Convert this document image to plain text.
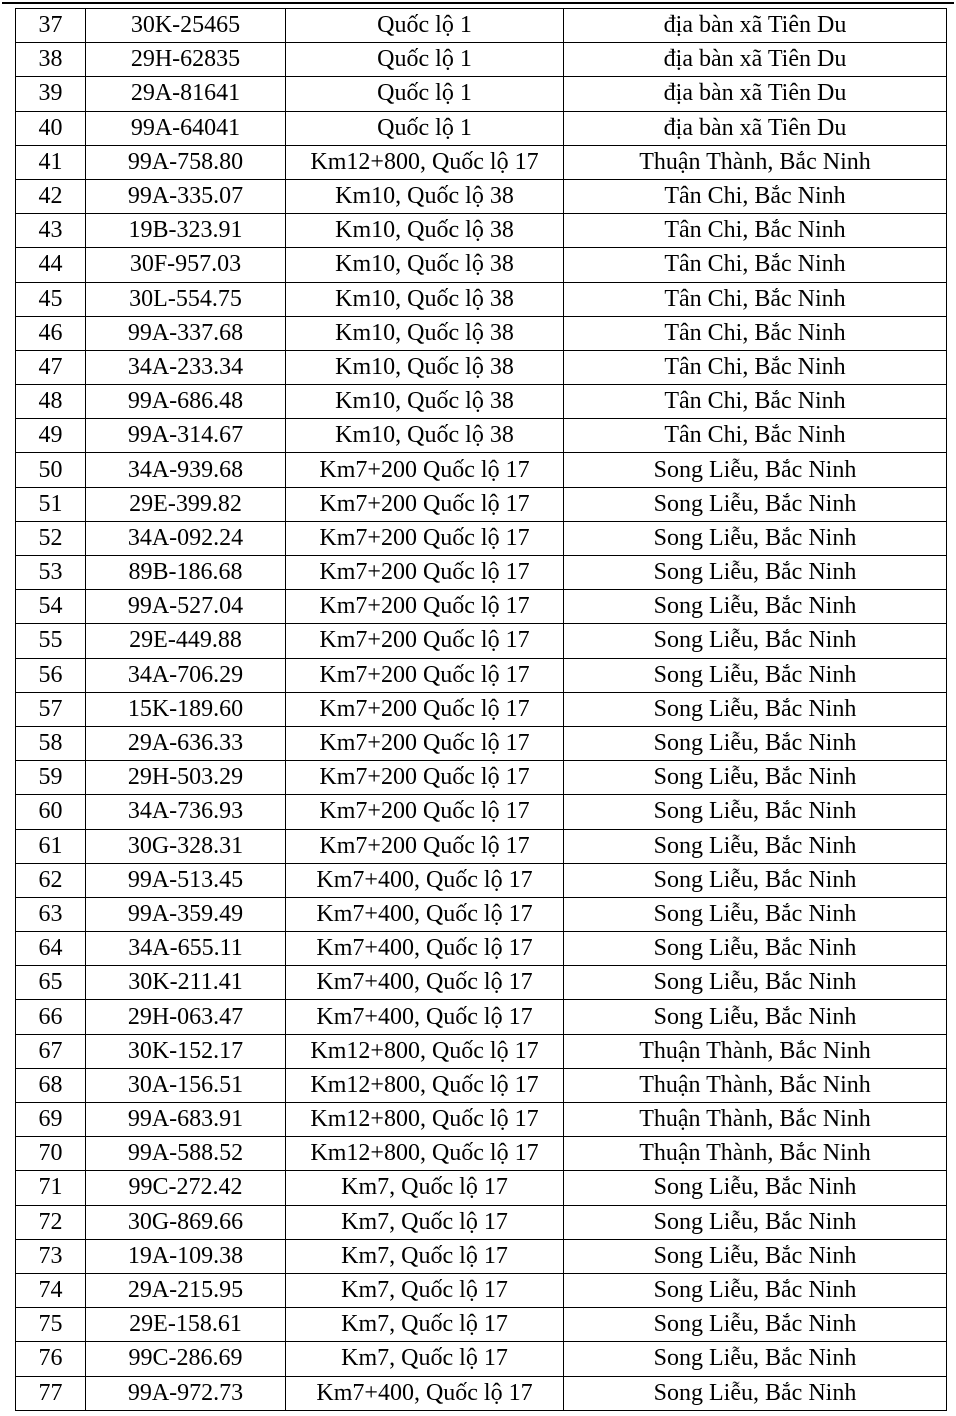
37	30K-25465	Quốc lộ 1	địa bàn xã Tiên Du
38	29H-62835	Quốc lộ 1	địa bàn xã Tiên Du
39	29A-81641	Quốc lộ 1	địa bàn xã Tiên Du
40	99A-64041	Quốc lộ 1	địa bàn xã Tiên Du
41	99A-758.80	Km12+800, Quốc lộ 17	Thuận Thành, Bắc Ninh
42	99A-335.07	Km10, Quốc lộ 38	Tân Chi, Bắc Ninh
43	19B-323.91	Km10, Quốc lộ 38	Tân Chi, Bắc Ninh
44	30F-957.03	Km10, Quốc lộ 38	Tân Chi, Bắc Ninh
45	30L-554.75	Km10, Quốc lộ 38	Tân Chi, Bắc Ninh
46	99A-337.68	Km10, Quốc lộ 38	Tân Chi, Bắc Ninh
47	34A-233.34	Km10, Quốc lộ 38	Tân Chi, Bắc Ninh
48	99A-686.48	Km10, Quốc lộ 38	Tân Chi, Bắc Ninh
49	99A-314.67	Km10, Quốc lộ 38	Tân Chi, Bắc Ninh
50	34A-939.68	Km7+200 Quốc lộ 17	Song Liễu, Bắc Ninh
51	29E-399.82	Km7+200 Quốc lộ 17	Song Liễu, Bắc Ninh
52	34A-092.24	Km7+200 Quốc lộ 17	Song Liễu, Bắc Ninh
53	89B-186.68	Km7+200 Quốc lộ 17	Song Liễu, Bắc Ninh
54	99A-527.04	Km7+200 Quốc lộ 17	Song Liễu, Bắc Ninh
55	29E-449.88	Km7+200 Quốc lộ 17	Song Liễu, Bắc Ninh
56	34A-706.29	Km7+200 Quốc lộ 17	Song Liễu, Bắc Ninh
57	15K-189.60	Km7+200 Quốc lộ 17	Song Liễu, Bắc Ninh
58	29A-636.33	Km7+200 Quốc lộ 17	Song Liễu, Bắc Ninh
59	29H-503.29	Km7+200 Quốc lộ 17	Song Liễu, Bắc Ninh
60	34A-736.93	Km7+200 Quốc lộ 17	Song Liễu, Bắc Ninh
61	30G-328.31	Km7+200 Quốc lộ 17	Song Liễu, Bắc Ninh
62	99A-513.45	Km7+400, Quốc lộ 17	Song Liễu, Bắc Ninh
63	99A-359.49	Km7+400, Quốc lộ 17	Song Liễu, Bắc Ninh
64	34A-655.11	Km7+400, Quốc lộ 17	Song Liễu, Bắc Ninh
65	30K-211.41	Km7+400, Quốc lộ 17	Song Liễu, Bắc Ninh
66	29H-063.47	Km7+400, Quốc lộ 17	Song Liễu, Bắc Ninh
67	30K-152.17	Km12+800, Quốc lộ 17	Thuận Thành, Bắc Ninh
68	30A-156.51	Km12+800, Quốc lộ 17	Thuận Thành, Bắc Ninh
69	99A-683.91	Km12+800, Quốc lộ 17	Thuận Thành, Bắc Ninh
70	99A-588.52	Km12+800, Quốc lộ 17	Thuận Thành, Bắc Ninh
71	99C-272.42	Km7, Quốc lộ 17	Song Liễu, Bắc Ninh
72	30G-869.66	Km7, Quốc lộ 17	Song Liễu, Bắc Ninh
73	19A-109.38	Km7, Quốc lộ 17	Song Liễu, Bắc Ninh
74	29A-215.95	Km7, Quốc lộ 17	Song Liễu, Bắc Ninh
75	29E-158.61	Km7, Quốc lộ 17	Song Liễu, Bắc Ninh
76	99C-286.69	Km7, Quốc lộ 17	Song Liễu, Bắc Ninh
77	99A-972.73	Km7+400, Quốc lộ 17	Song Liễu, Bắc Ninh
